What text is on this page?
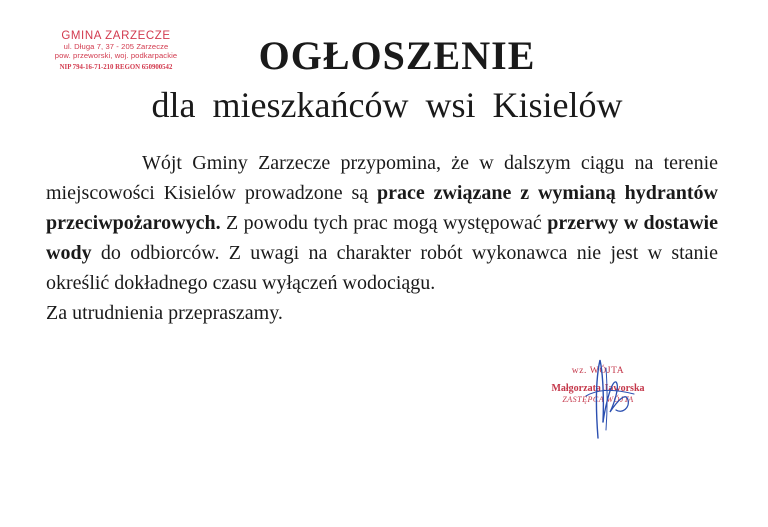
GMINA ZARZECZE
ul. Długa 7, 37 - 205 Zarzecze
pow. przeworski, woj. podkarpackie
NIP 794-16-71-210 REGON 650900542	OGŁOSZENIE
dla mieszkańców wsi Kisielów

Wójt Gminy Zarzecze przypomina, że w dalszym ciągu na terenie miejscowości Kisielów prowadzone są prace związane z wymianą hydrantów przeciwpożarowych. Z powodu tych prac mogą występować przerwy w dostawie wody do odbiorców. Z uwagi na charakter robót wykonawca nie jest w stanie określić dokładnego czasu wyłączeń wodociągu.

Za utrudnienia przepraszamy.

wz. WÓJTA
Małgorzata Jaworska
ZASTĘPCA WÓJTA
